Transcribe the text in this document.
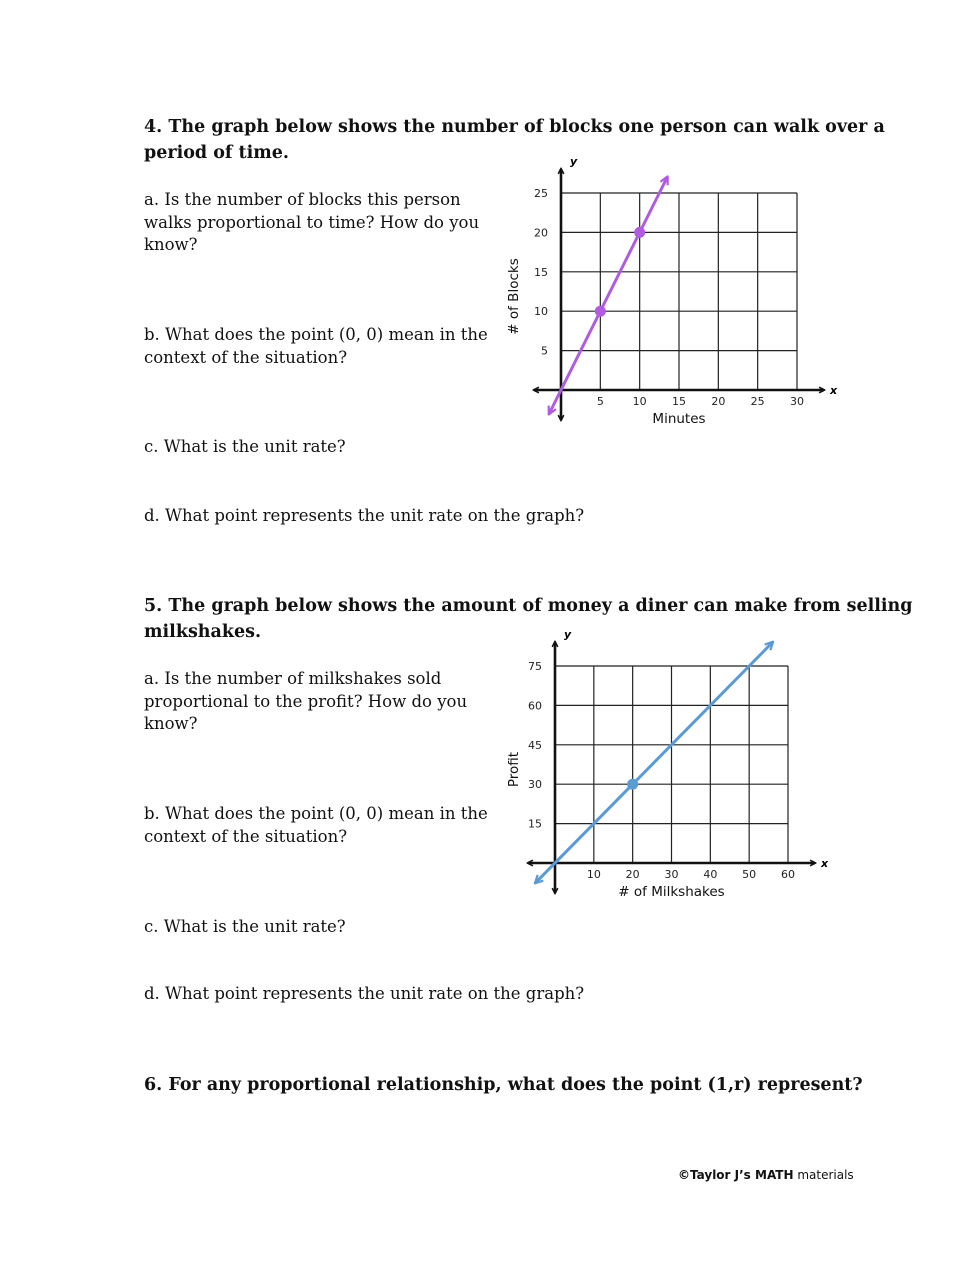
4. The graph below shows the number of blocks one person can walk over a
period of time.
a. Is the number of blocks this person
walks proportional to time? How do you
know?
b. What does the point (0, 0) mean in the
context of the situation?
c. What is the unit rate?
d. What point represents the unit rate on the graph?
x
y
5	10 15 20 25 30
5
10
15
20
25
Minutes
# of Blocks
5. The graph below shows the amount of money a diner can make from selling
milkshakes.
a. Is the number of milkshakes sold
proportional to the profit? How do you
know?
b. What does the point (0, 0) mean in the
context of the situation?
c. What is the unit rate?
d. What point represents the unit rate on the graph?
x
y
10 20 30 40 50 60
15
30
45
60
75
# of Milkshakes
Profit
6. For any proportional relationship, what does the point (1,r) represent?
©Taylor J’s MATH materials
